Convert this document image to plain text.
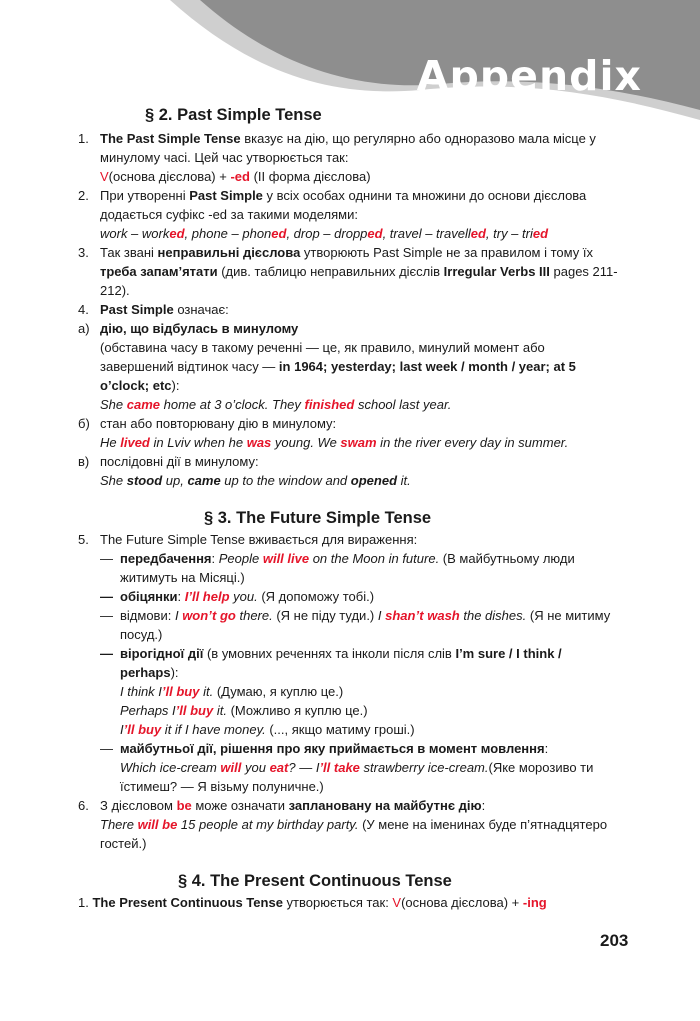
Appendix
§ 2. Past Simple Tense
1. The Past Simple Tense вказує на дію, що регулярно або одноразово мала місце у минулому часі. Цей час утворюється так:
V(основа дієслова) + -ed (II форма дієслова)
2. При утворенні Past Simple у всіх особах однини та множини до основи дієслова додається суфікс -ed за такими моделями:
work – worked, phone – phoned, drop – dropped, travel – travelled, try – tried
3. Так звані неправильні дієслова утворюють Past Simple не за правилом і тому їх треба запам’ятати (див. таблицю неправильних дієслів Irregular Verbs III pages 211-212).
4. Past Simple означає:
а) дію, що відбулась в минулому
(обставина часу в такому реченні — це, як правило, минулий момент або завершений відтинок часу — in 1964; yesterday; last week / month / year; at 5 o’clock; etc):
She came home at 3 o’clock. They finished school last year.
б) стан або повторювану дію в минулому:
He lived in Lviv when he was young. We swam in the river every day in summer.
в) послідовні дії в минулому:
She stood up, came up to the window and opened it.
§ 3. The Future Simple Tense
5. The Future Simple Tense вживається для вираження:
— передбачення: People will live on the Moon in future. (В майбутньому люди житимуть на Місяці.)
— обіцянки: I’ll help you. (Я допоможу тобі.)
— відмови: I won’t go there. (Я не піду туди.) I shan’t wash the dishes. (Я не митиму посуд.)
— вірогідної дії (в умовних реченнях та інколи після слів I’m sure / I think / perhaps):
I think I’ll buy it. (Думаю, я куплю це.)
Perhaps I’ll buy it. (Можливо я куплю це.)
I’ll buy it if I have money. (..., якщо матиму гроші.)
— майбутньої дії, рішення про яку приймається в момент мовлення:
Which ice-cream will you eat? — I’ll take strawberry ice-cream.(Яке морозиво ти їстимеш? — Я візьму полуничне.)
6. З дієсловом be може означати заплановану на майбутнє дію:
There will be 15 people at my birthday party. (У мене на іменинах буде п’ятнадцятеро гостей.)
§ 4. The Present Continuous Tense
1. The Present Continuous Tense утворюється так: V(основа дієслова) + -ing
203
